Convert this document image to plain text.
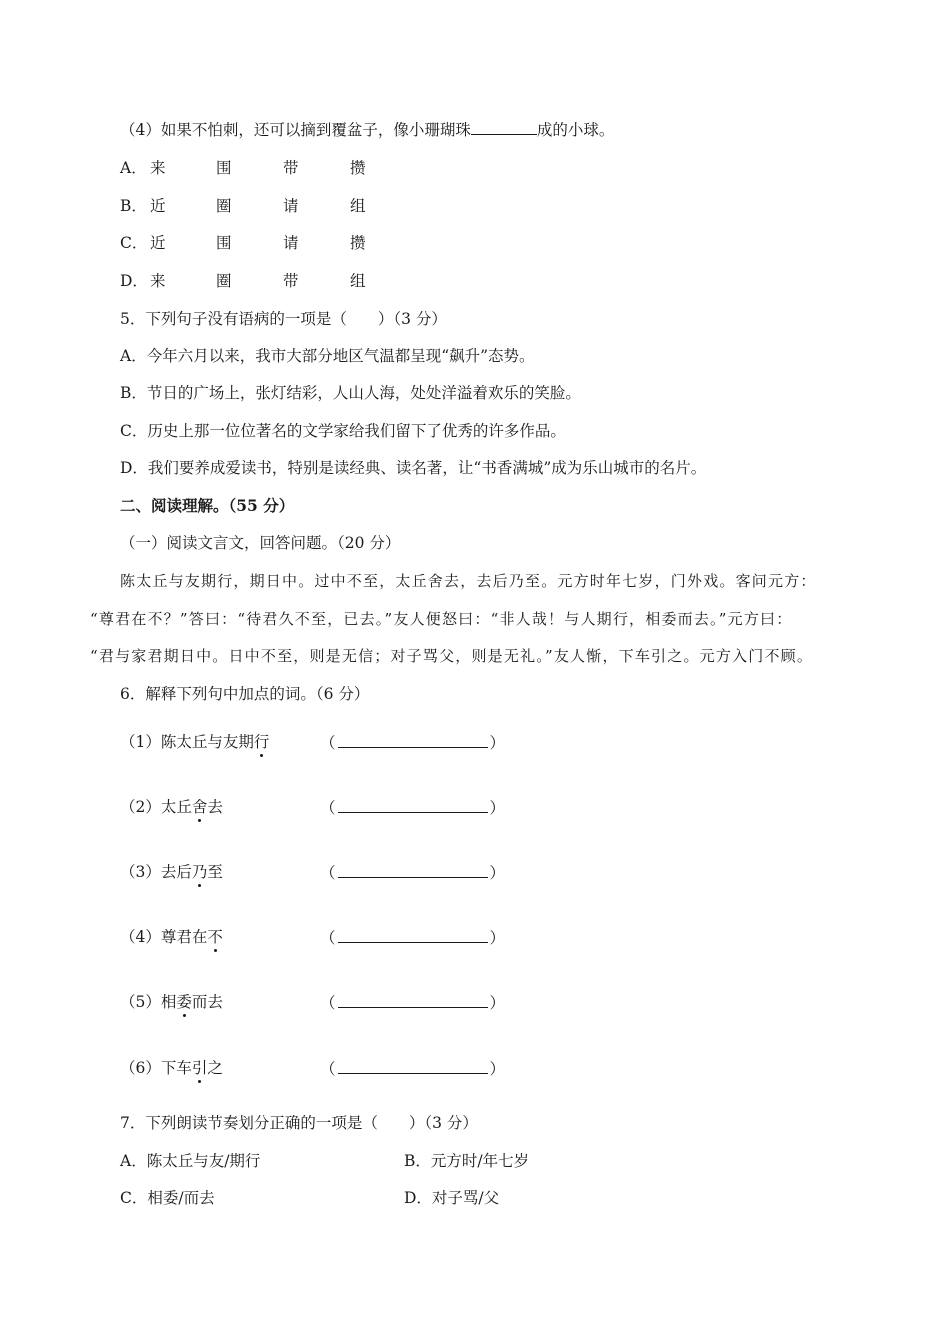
（4）如果不怕刺，还可以摘到覆盆子，像小珊瑚珠	成的小球。
A． 来	围	带	攒
B． 近	圈	请	组
C． 近	围	请	攒
D． 来	圈	带	组
5．下列句子没有语病的一项是（　　）（3 分）
A．今年六月以来，我市大部分地区气温都呈现“飙升”态势。
B．节日的广场上，张灯结彩，人山人海，处处洋溢着欢乐的笑脸。
C．历史上那一位位著名的文学家给我们留下了优秀的许多作品。
D．我们要养成爱读书，特别是读经典、读名著，让“书香满城”成为乐山城市的名片。
二、阅读理解。（55 分）
（一）阅读文言文，回答问题。（20 分）
陈太丘与友期行，期日中。过中不至，太丘舍去，去后乃至。元方时年七岁，门外戏。客问元方：
“尊君在不？”答曰：“待君久不至，已去。”友人便怒曰：“非人哉！与人期行，相委而去。”元方曰：
“君与家君期日中。日中不至，则是无信；对子骂父，则是无礼。”友人惭，下车引之。元方入门不顾。
6．解释下列句中加点的词。（6 分）
（1）陈太丘与友期行	（	）
（2）太丘舍去	（	）
（3）去后乃至	（	）
（4）尊君在不	（	）
（5）相委而去	（	）
（6）下车引之	（	）
7．下列朗读节奏划分正确的一项是（　　）（3 分）
A．陈太丘与友/期行	B．元方时/年七岁
C．相委/而去	D．对子骂/父
